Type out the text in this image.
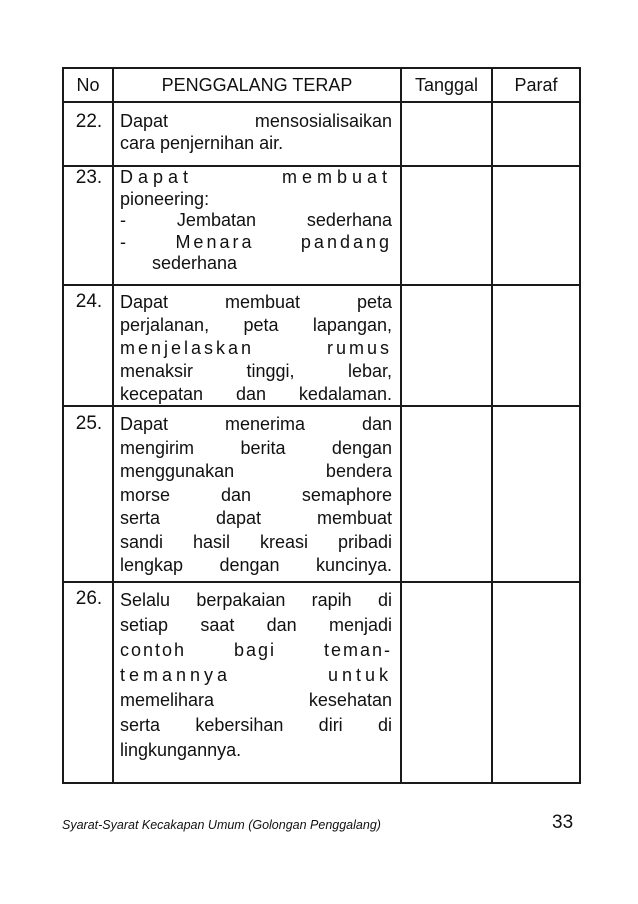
No	PENGGALANG TERAP	Tanggal	Paraf
22. Dapat mensosialisaikan
cara penjernihan air.
23. Dapat membuat
pioneering:
- Jembatan sederhana
- Menara pandang
sederhana
24. Dapat membuat peta
perjalanan, peta lapangan,
menjelaskan rumus
menaksir tinggi, lebar,
kecepatan dan kedalaman.
25. Dapat menerima dan
mengirim berita dengan
menggunakan bendera
morse dan semaphore
serta dapat membuat
sandi hasil kreasi pribadi
lengkap dengan kuncinya.
26. Selalu berpakaian rapih di
setiap saat dan menjadi
contoh bagi teman-
temannya untuk
memelihara kesehatan
serta kebersihan diri di
lingkungannya.
Syarat-Syarat Kecakapan Umum (Golongan Penggalang)	33
